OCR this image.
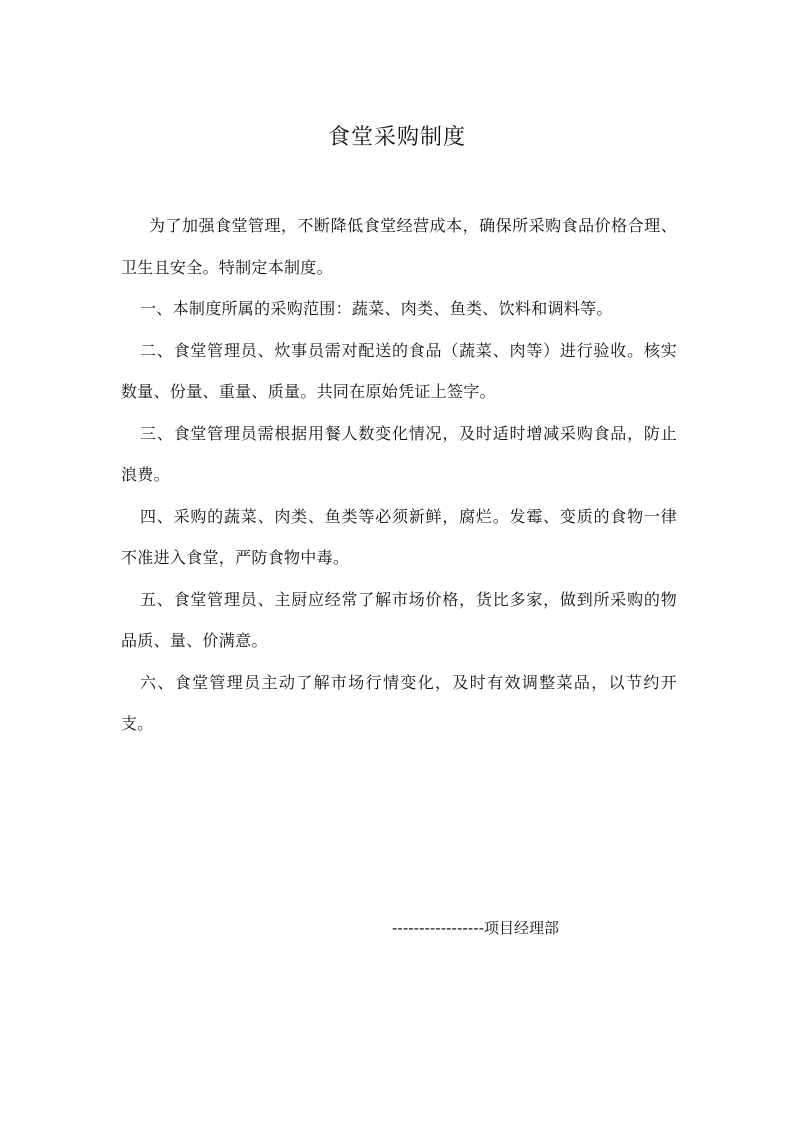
食堂采购制度

为了加强食堂管理，不断降低食堂经营成本，确保所采购食品价格合理、卫生且安全。特制定本制度。

一、本制度所属的采购范围：蔬菜、肉类、鱼类、饮料和调料等。

二、食堂管理员、炊事员需对配送的食品（蔬菜、肉等）进行验收。核实数量、份量、重量、质量。共同在原始凭证上签字。

三、食堂管理员需根据用餐人数变化情况，及时适时增减采购食品，防止浪费。

四、采购的蔬菜、肉类、鱼类等必须新鲜，腐烂。发霉、变质的食物一律不准进入食堂，严防食物中毒。

五、食堂管理员、主厨应经常了解市场价格，货比多家，做到所采购的物品质、量、价满意。

六、食堂管理员主动了解市场行情变化，及时有效调整菜品，以节约开支。

-----------------项目经理部
